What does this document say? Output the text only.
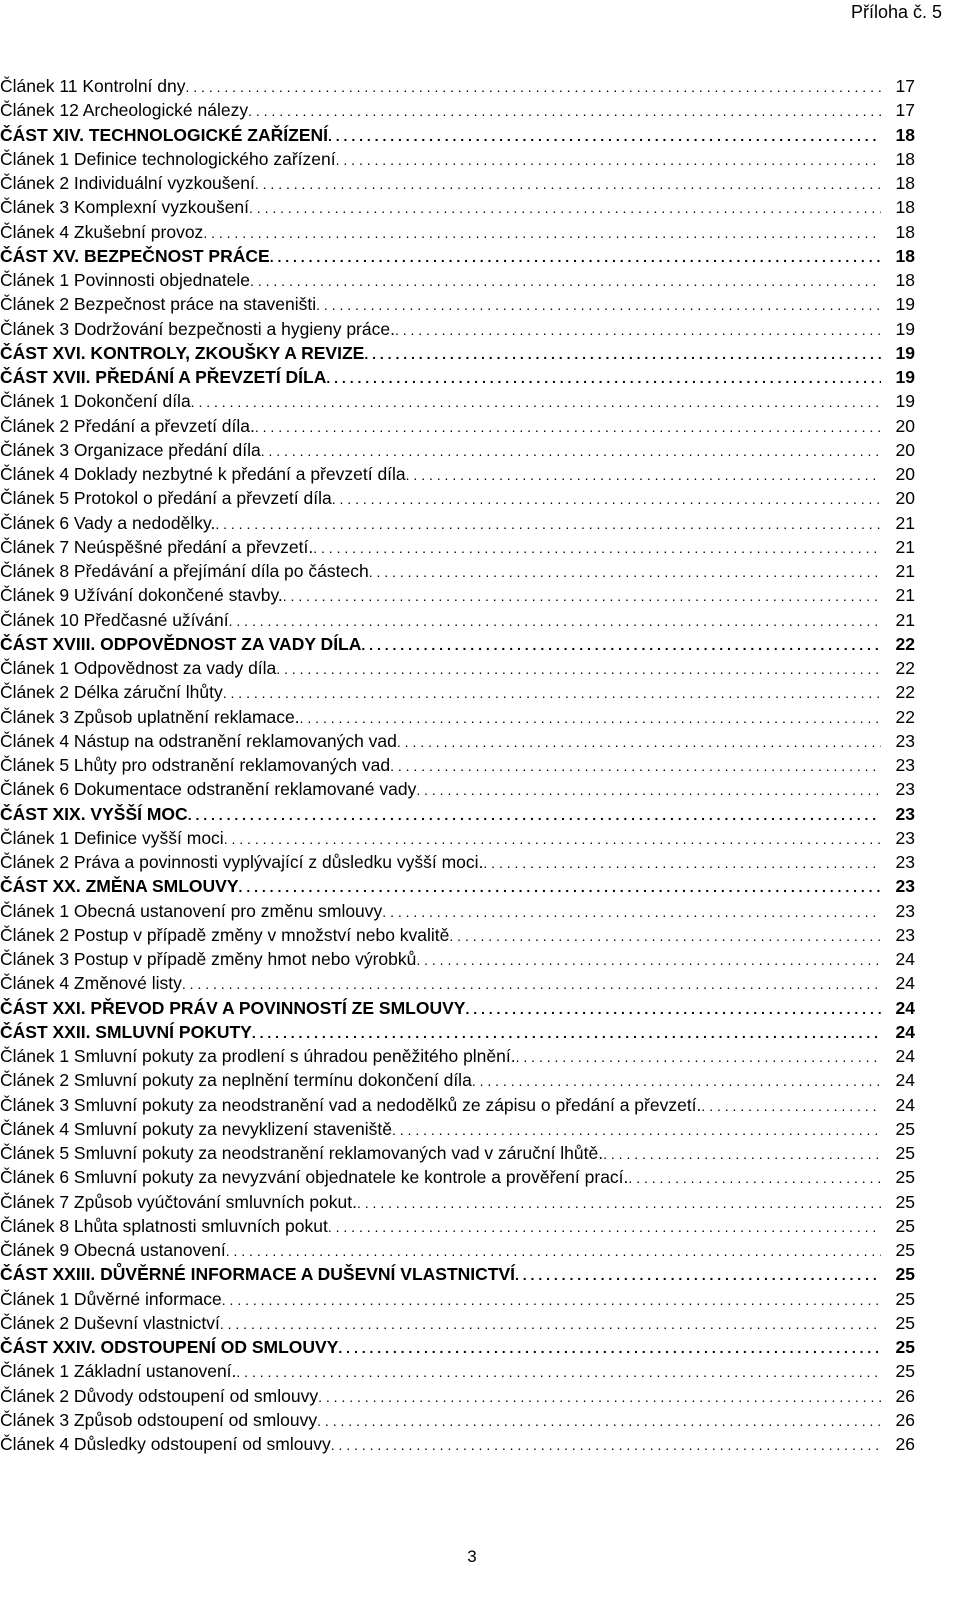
Příloha č. 5
Článek 11 Kontrolní dny . . .	17
Článek 12 Archeologické nálezy . . .	17
ČÁST XIV. TECHNOLOGICKÉ ZAŘÍZENÍ . . .	18
Článek 1 Definice technologického zařízení . . .	18
Článek 2 Individuální vyzkoušení . . .	18
Článek 3 Komplexní vyzkoušení . . .	18
Článek 4 Zkušební provoz . . .	18
ČÁST XV. BEZPEČNOST PRÁCE . . .	18
Článek 1 Povinnosti objednatele . . .	18
Článek 2 Bezpečnost práce na staveništi . . .	19
Článek 3 Dodržování bezpečnosti a hygieny práce. . . .	19
ČÁST XVI. KONTROLY, ZKOUŠKY A REVIZE . . .	19
ČÁST XVII. PŘEDÁNÍ A PŘEVZETÍ DÍLA . . .	19
Článek 1 Dokončení díla . . .	19
Článek 2 Předání a převzetí díla. . . .	20
Článek 3 Organizace předání díla . . .	20
Článek 4 Doklady nezbytné k předání a převzetí díla . . .	20
Článek 5 Protokol o předání a převzetí díla . . .	20
Článek 6 Vady a nedodělky. . . .	21
Článek 7 Neúspěšné předání a převzetí. . . .	21
Článek 8 Předávání a přejímání díla po částech . . .	21
Článek 9 Užívání dokončené stavby. . . .	21
Článek 10 Předčasné užívání . . .	21
ČÁST XVIII. ODPOVĚDNOST ZA VADY DÍLA . . .	22
Článek 1 Odpovědnost za vady díla . . .	22
Článek 2 Délka záruční lhůty . . .	22
Článek 3 Způsob uplatnění reklamace. . . .	22
Článek 4 Nástup na odstranění reklamovaných vad . . .	23
Článek 5 Lhůty pro odstranění reklamovaných vad . . .	23
Článek 6 Dokumentace odstranění reklamované vady . . .	23
ČÁST XIX. VYŠŠÍ MOC . . .	23
Článek 1 Definice vyšší moci . . .	23
Článek 2 Práva a povinnosti vyplývající z důsledku vyšší moci. . . .	23
ČÁST XX. ZMĚNA SMLOUVY . . .	23
Článek 1 Obecná ustanovení pro změnu smlouvy . . .	23
Článek 2 Postup v případě změny v množství nebo kvalitě . . .	23
Článek 3 Postup v případě změny hmot nebo výrobků . . .	24
Článek 4 Změnové listy . . .	24
ČÁST XXI. PŘEVOD PRÁV A POVINNOSTÍ ZE SMLOUVY . . .	24
ČÁST XXII. SMLUVNÍ POKUTY . . .	24
Článek 1 Smluvní pokuty za prodlení s úhradou peněžitého plnění. . . .	24
Článek 2 Smluvní pokuty za neplnění termínu dokončení díla . . .	24
Článek 3 Smluvní pokuty za neodstranění vad a nedodělků ze zápisu o předání a převzetí. . . .	24
Článek 4 Smluvní pokuty za nevyklizení staveniště . . .	25
Článek 5 Smluvní pokuty za neodstranění reklamovaných vad v záruční lhůtě. . . .	25
Článek 6 Smluvní pokuty za nevyzvání objednatele ke kontrole a prověření prací. . . .	25
Článek 7 Způsob vyúčtování smluvních pokut. . . .	25
Článek 8 Lhůta splatnosti smluvních pokut . . .	25
Článek 9 Obecná ustanovení . . .	25
ČÁST XXIII. DŮVĚRNÉ INFORMACE A DUŠEVNÍ VLASTNICTVÍ . . .	25
Článek 1 Důvěrné informace . . .	25
Článek 2 Duševní vlastnictví . . .	25
ČÁST XXIV. ODSTOUPENÍ OD SMLOUVY . . .	25
Článek 1 Základní ustanovení. . . .	25
Článek 2 Důvody odstoupení od smlouvy . . .	26
Článek 3 Způsob odstoupení od smlouvy . . .	26
Článek 4 Důsledky odstoupení od smlouvy . . .	26
3
